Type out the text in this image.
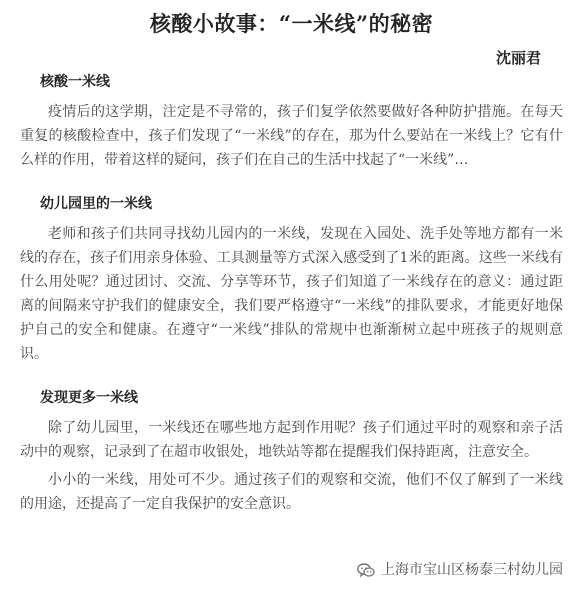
核酸小故事：“一米线”的秘密
沈丽君
核酸一米线

疫情后的这学期，注定是不寻常的，孩子们复学依然要做好各种防护措施。在每天重复的核酸检查中，孩子们发现了“一米线”的存在，那为什么要站在一米线上？它有什么样的作用，带着这样的疑问，孩子们在自己的生活中找起了“一米线”…

幼儿园里的一米线

老师和孩子们共同寻找幼儿园内的一米线，发现在入园处、洗手处等地方都有一米线的存在，孩子们用亲身体验、工具测量等方式深入感受到了1米的距离。这些一米线有什么用处呢？通过团讨、交流、分享等环节，孩子们知道了一米线存在的意义：通过距离的间隔来守护我们的健康安全，我们要严格遵守“一米线”的排队要求，才能更好地保护自己的安全和健康。在遵守“一米线”排队的常规中也渐渐树立起中班孩子的规则意识。

发现更多一米线

除了幼儿园里，一米线还在哪些地方起到作用呢？孩子们通过平时的观察和亲子活动中的观察，记录到了在超市收银处，地铁站等都在提醒我们保持距离，注意安全。

小小的一米线，用处可不少。通过孩子们的观察和交流，他们不仅了解到了一米线的用途，还提高了一定自我保护的安全意识。

上海市宝山区杨泰三村幼儿园
